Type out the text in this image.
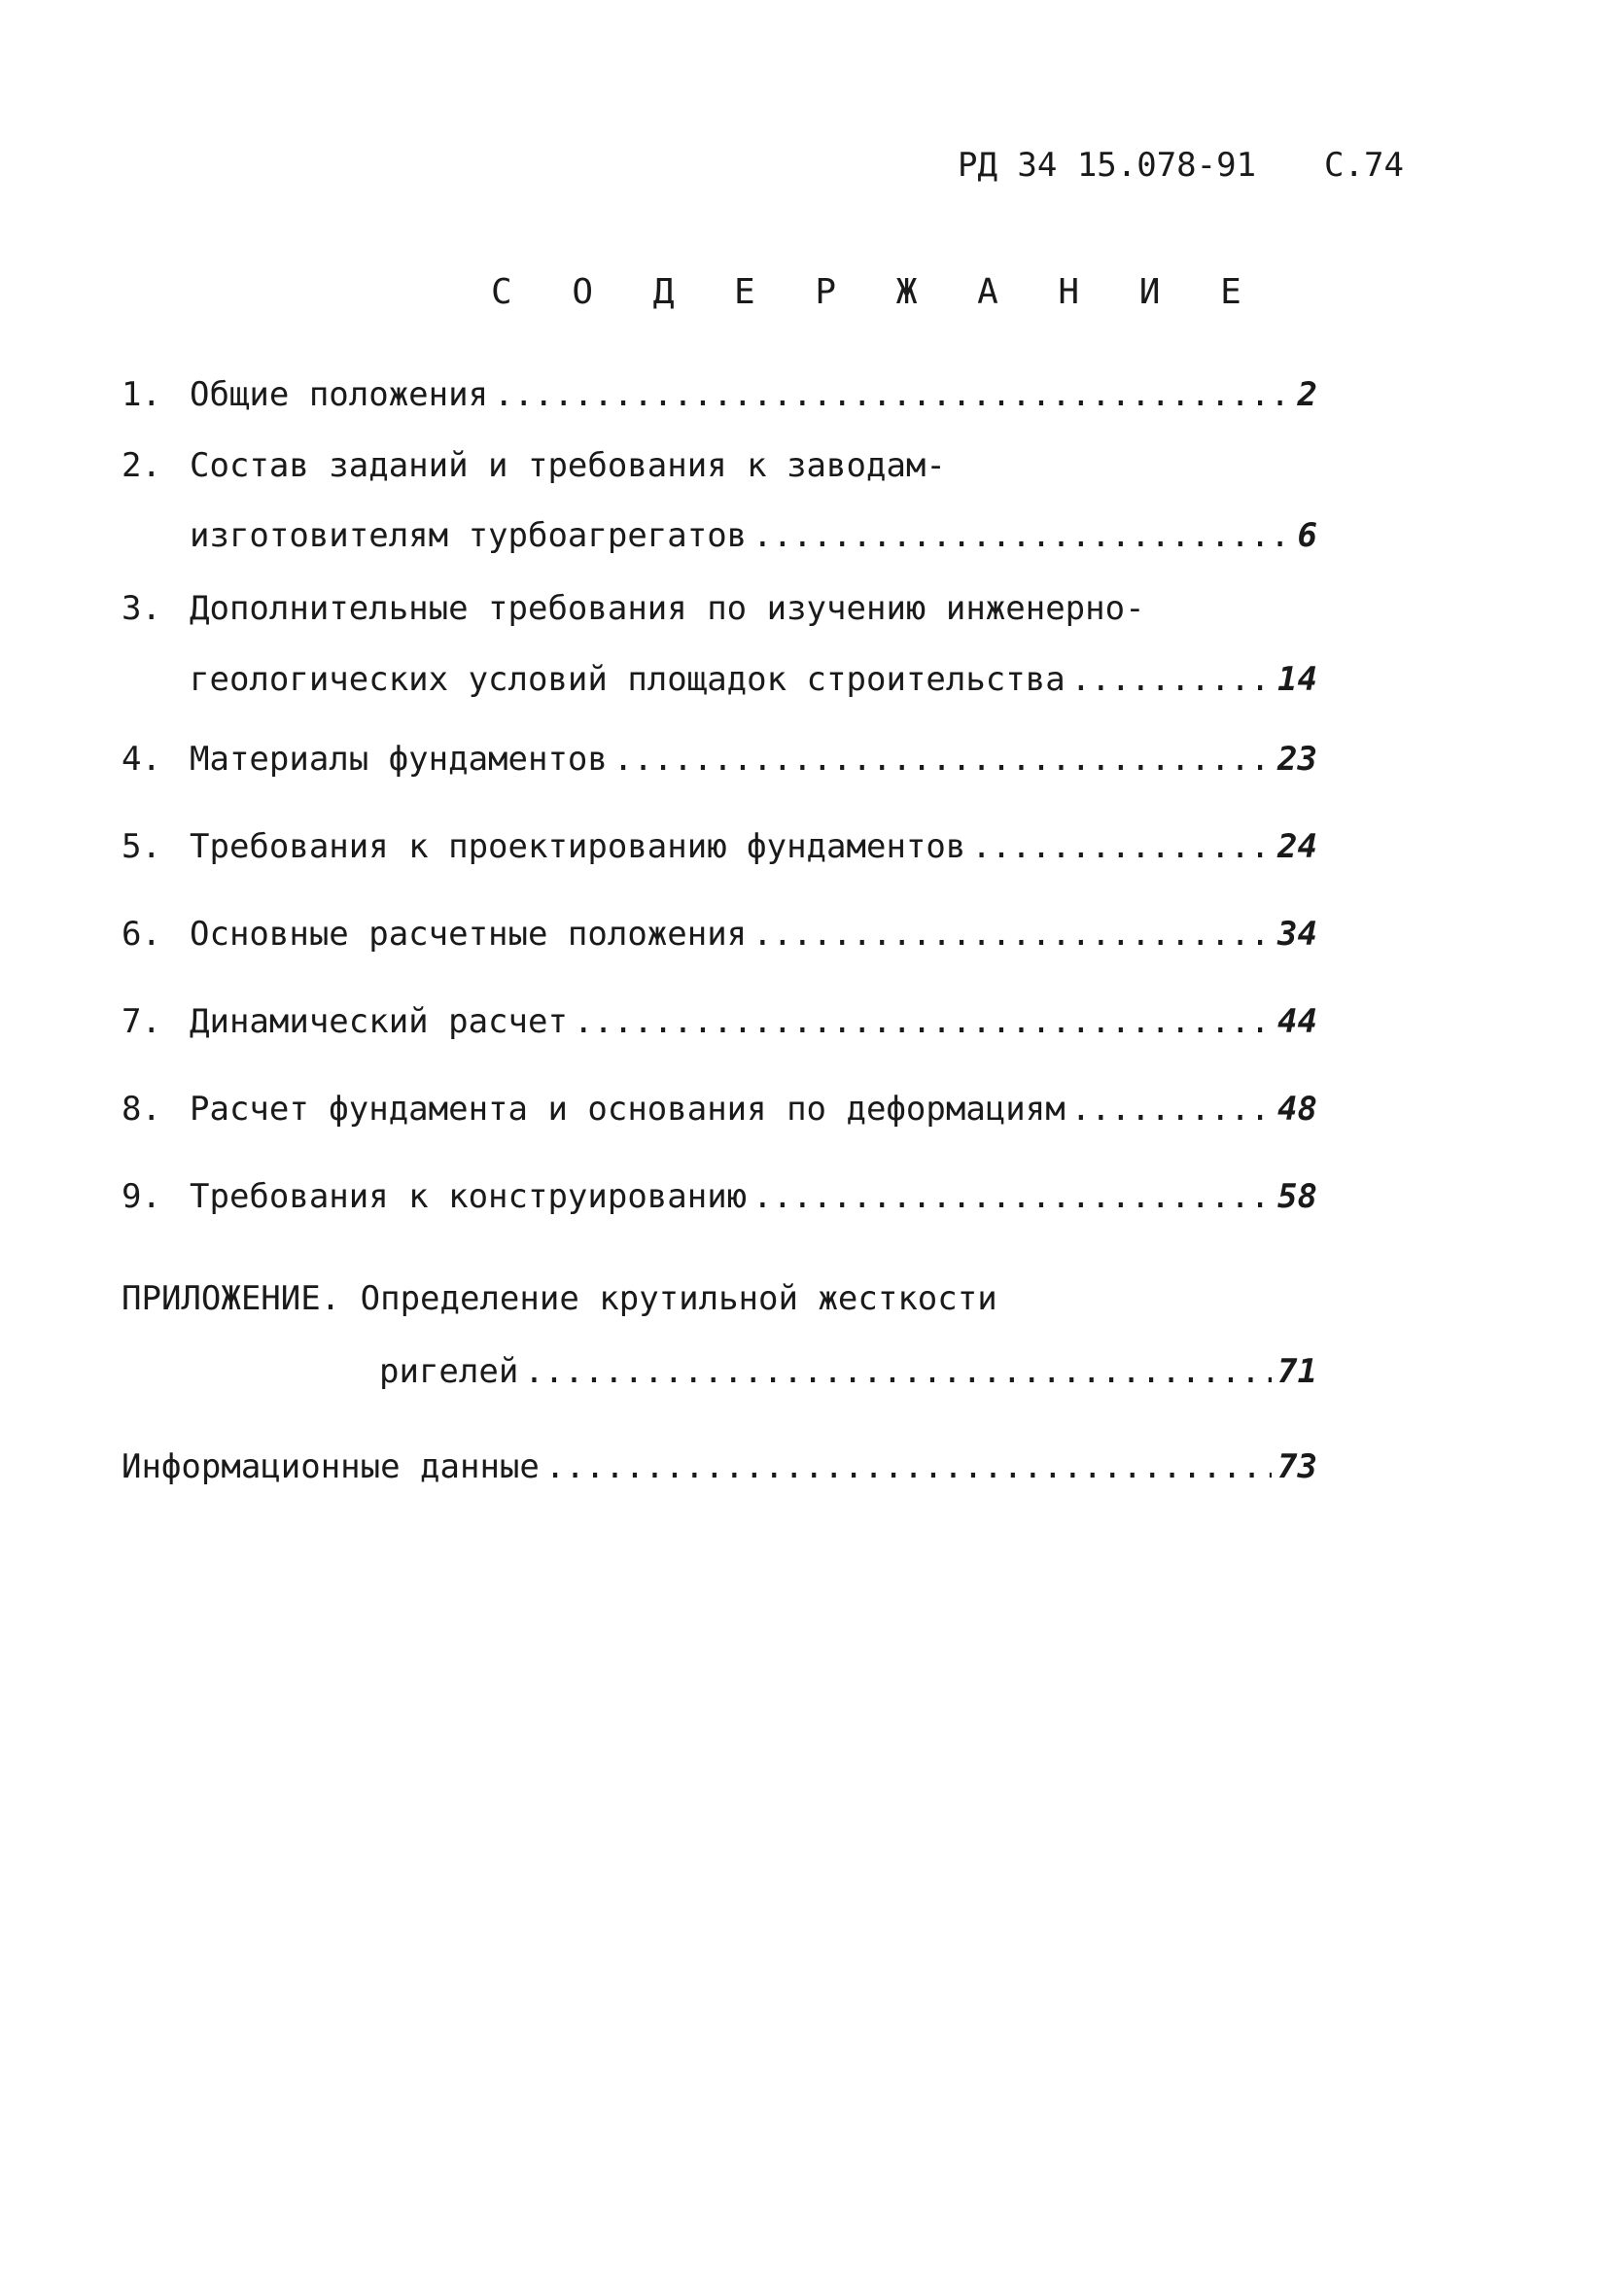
РД 34 15.078-91 С.74
С О Д Е Р Ж А Н И Е
1. Общие положения .....	2
2. Состав заданий и требования к заводам-
изготовителям турбоагрегатов .....	6
3. Дополнительные требования по изучению инженерно-
геологических условий площадок строительства .....	14
4. Материалы фундаментов .....	23
5. Требования к проектированию фундаментов .....	24
6. Основные расчетные положения .....	34
7. Динамический расчет .....	44
8. Расчет фундамента и основания по деформациям .....	48
9. Требования к конструированию .....	58
ПРИЛОЖЕНИЕ. Определение крутильной жесткости
ригелей .....	71
Информационные данные .....	73
